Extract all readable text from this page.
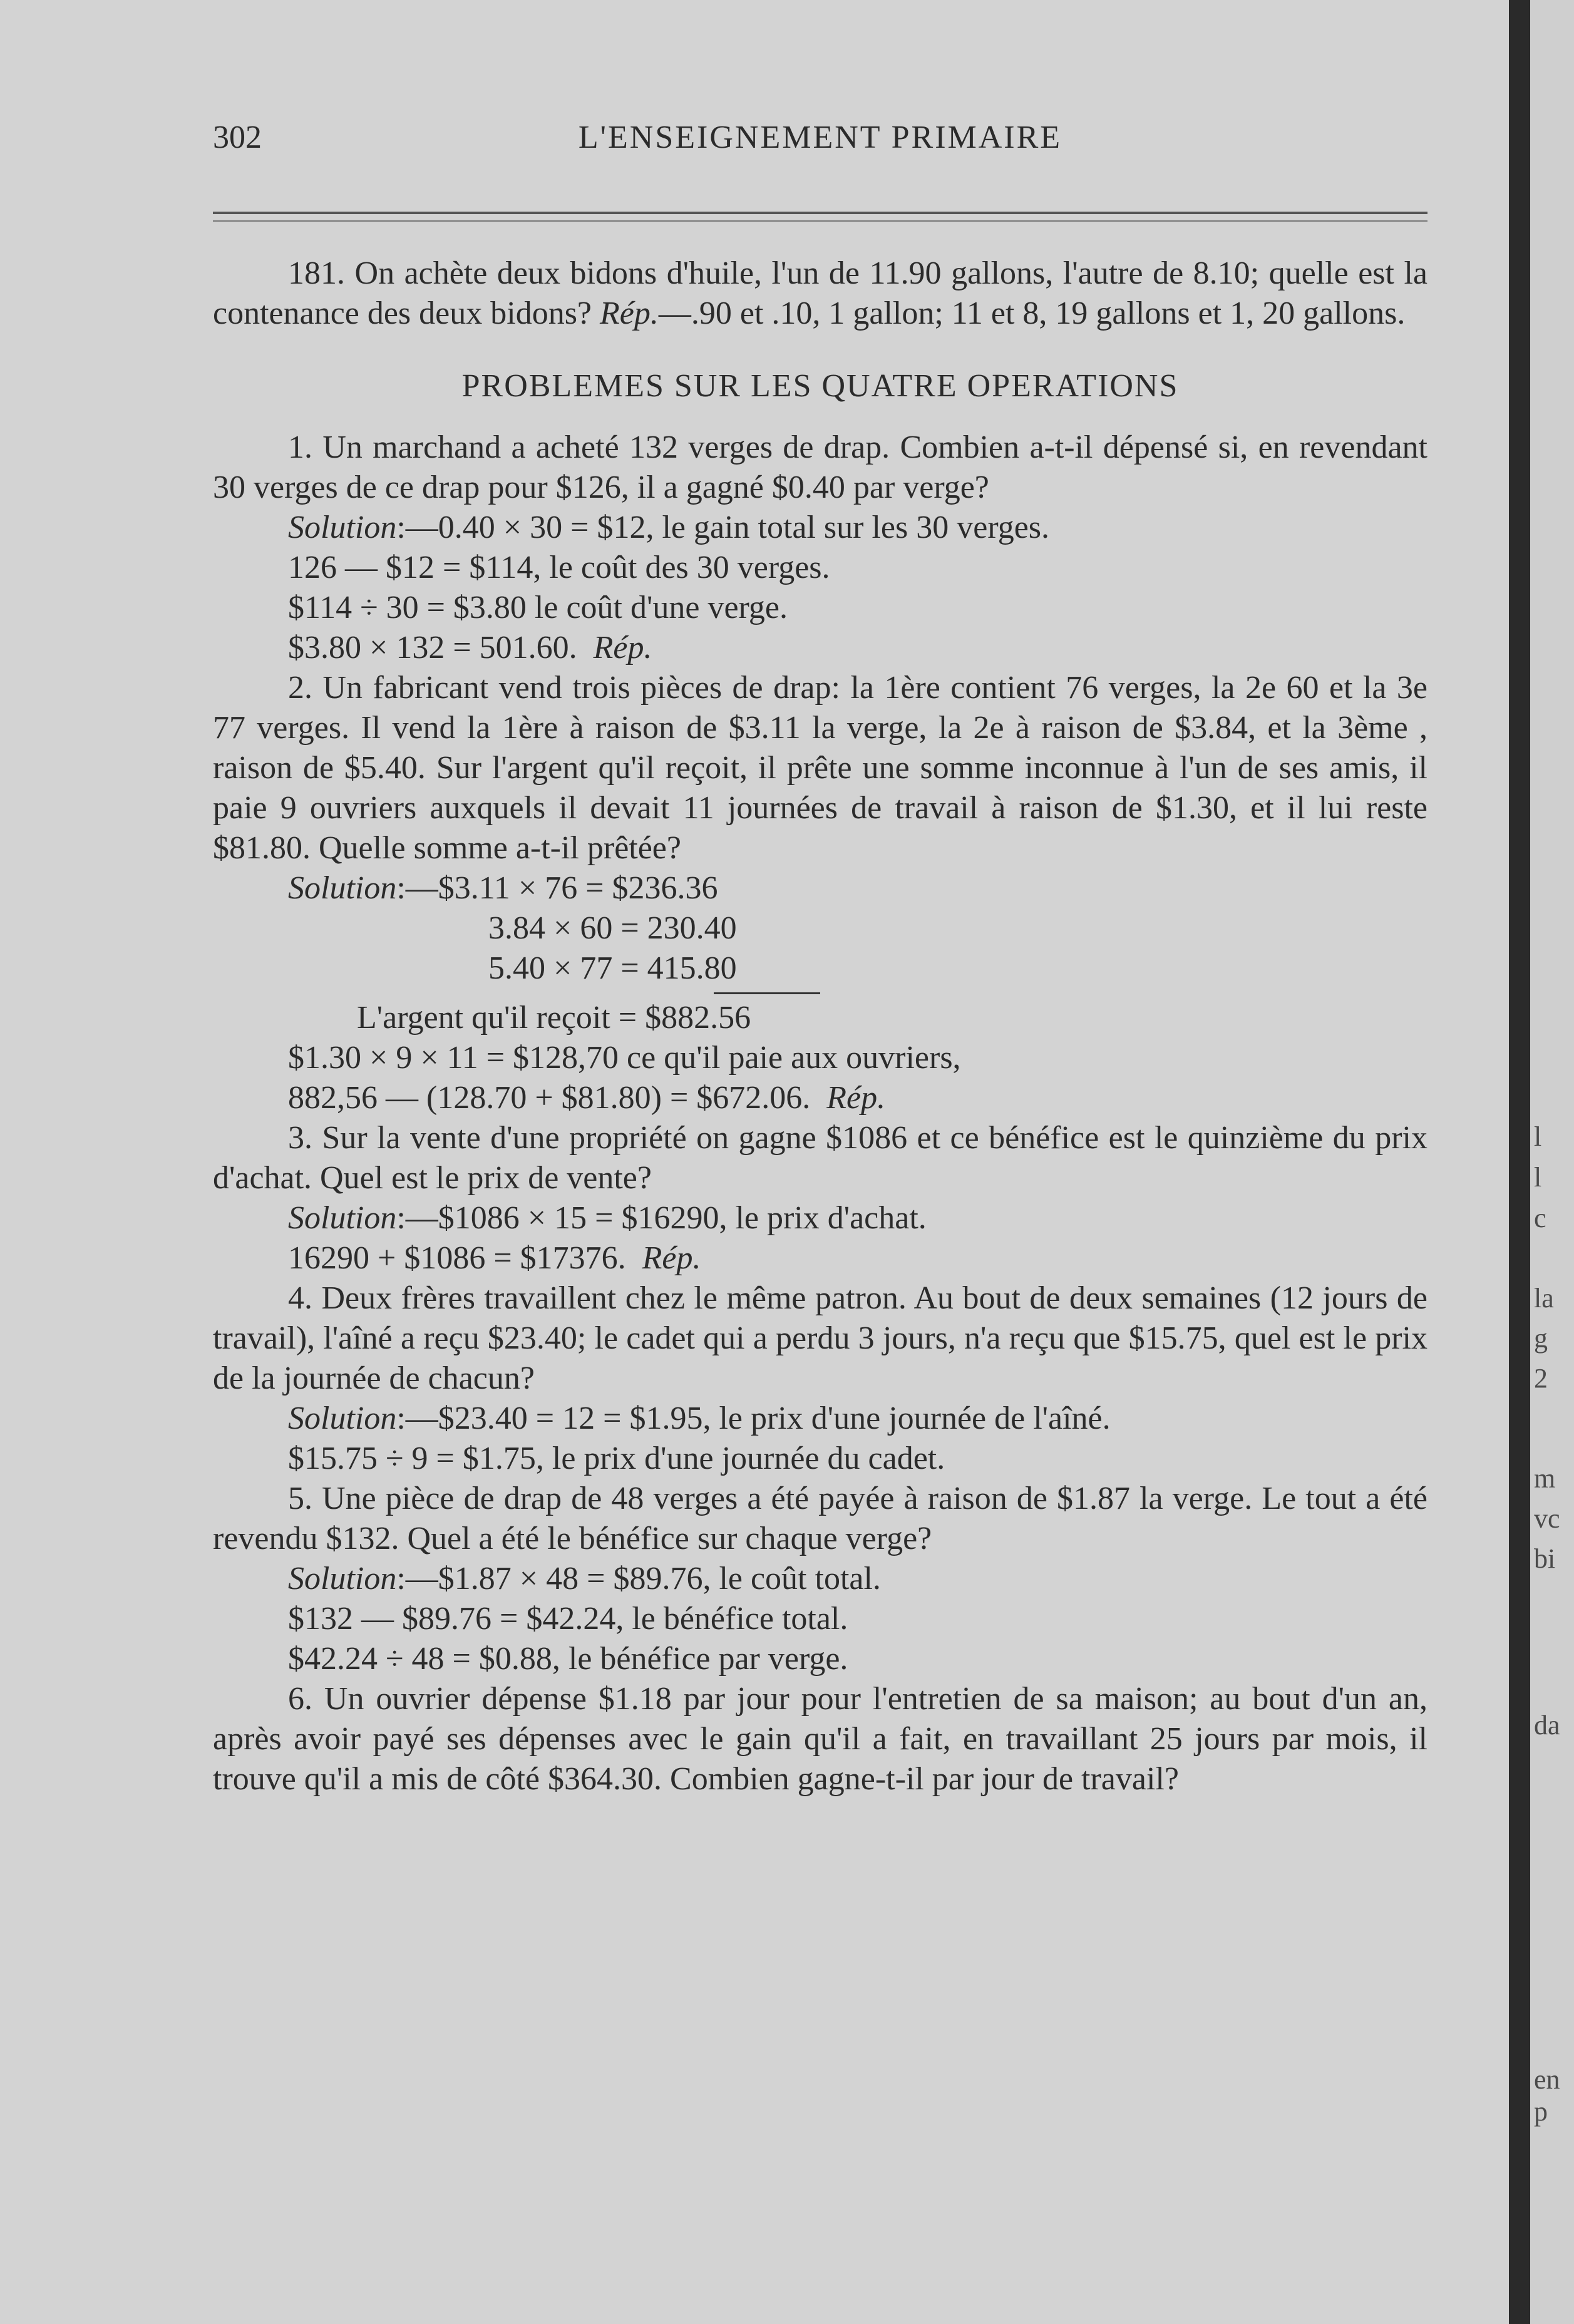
302	L'ENSEIGNEMENT PRIMAIRE

181. On achète deux bidons d'huile, l'un de 11.90 gallons, l'autre de 8.10; quelle est la contenance des deux bidons? Rép.—.90 et .10, 1 gallon; 11 et 8, 19 gallons et 1, 20 gallons.

PROBLEMES SUR LES QUATRE OPERATIONS

1. Un marchand a acheté 132 verges de drap. Combien a-t-il dépensé si, en revendant 30 verges de ce drap pour $126, il a gagné $0.40 par verge?

Solution:—0.40 × 30 = $12, le gain total sur les 30 verges.

126 — $12 = $114, le coût des 30 verges.

$114 ÷ 30 = $3.80 le coût d'une verge.

$3.80 × 132 = 501.60. Rép.

2. Un fabricant vend trois pièces de drap: la 1ère contient 76 verges, la 2e 60 et la 3e 77 verges. Il vend la 1ère à raison de $3.11 la verge, la 2e à raison de $3.84, et la 3ème , raison de $5.40. Sur l'argent qu'il reçoit, il prête une somme inconnue à l'un de ses amis, il paie 9 ouvriers auxquels il devait 11 journées de travail à raison de $1.30, et il lui reste $81.80. Quelle somme a-t-il prêtée?

Solution:—$3.11 × 76 = $236.36

3.84 × 60 = 230.40

5.40 × 77 = 415.80

L'argent qu'il reçoit = $882.56

$1.30 × 9 × 11 = $128,70 ce qu'il paie aux ouvriers,

882,56 — (128.70 + $81.80) = $672.06. Rép.

3. Sur la vente d'une propriété on gagne $1086 et ce bénéfice est le quinzième du prix d'achat. Quel est le prix de vente?

Solution:—$1086 × 15 = $16290, le prix d'achat.

16290 + $1086 = $17376. Rép.

4. Deux frères travaillent chez le même patron. Au bout de deux semaines (12 jours de travail), l'aîné a reçu $23.40; le cadet qui a perdu 3 jours, n'a reçu que $15.75, quel est le prix de la journée de chacun?

Solution:—$23.40 = 12 = $1.95, le prix d'une journée de l'aîné.

$15.75 ÷ 9 = $1.75, le prix d'une journée du cadet.

5. Une pièce de drap de 48 verges a été payée à raison de $1.87 la verge. Le tout a été revendu $132. Quel a été le bénéfice sur chaque verge?

Solution:—$1.87 × 48 = $89.76, le coût total.

$132 — $89.76 = $42.24, le bénéfice total.

$42.24 ÷ 48 = $0.88, le bénéfice par verge.

6. Un ouvrier dépense $1.18 par jour pour l'entretien de sa maison; au bout d'un an, après avoir payé ses dépenses avec le gain qu'il a fait, en travaillant 25 jours par mois, il trouve qu'il a mis de côté $364.30. Combien gagne-t-il par jour de travail?

l
l
c
la
g
2
m
vc
bi
da
en p
